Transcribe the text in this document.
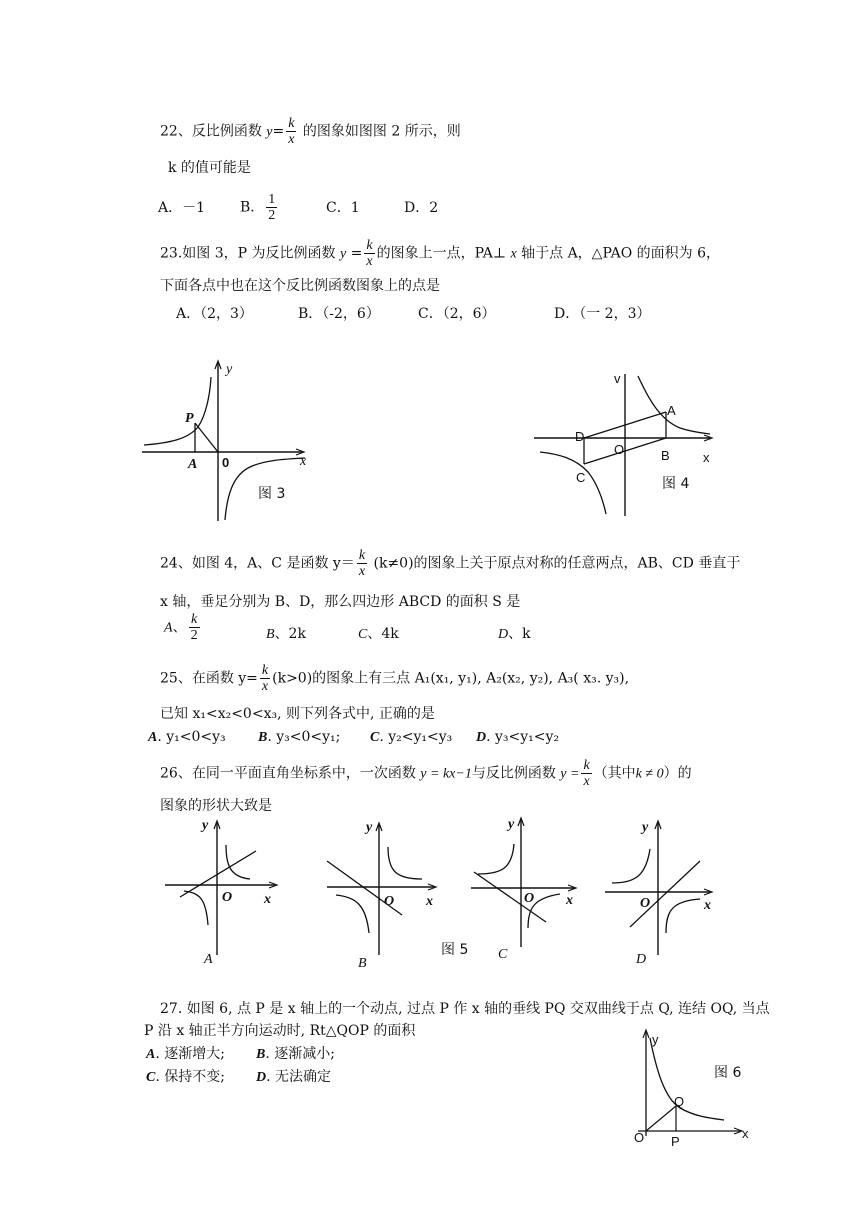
22、反比例函数 $y= \frac{k}{x}$ 的图象如图图 2 所示，则
k 的值可能是
A．－1 B． $\frac{1}{2}$	C．1	D．2
23.如图 3，P 为反比例函数 $y = \frac{k}{x}$ 的图象上一点，PA⊥ x 轴于点 A，△PAO 的面积为 6，
下面各点中也在这个反比例函数图象上的点是
A．（2，3）	B．（-2，6）	C．（2，6）	D．（一 2，3）
y
x
P
A 0
图 3
v
x
A
B
C
D
O
图 4
24、如图 4，A、C 是函数 $y= \frac{k}{x} (k\ne 0)$的图象上关于原点对称的任意两点，AB、CD 垂直于
x 轴，垂足分别为 B、D，那么四边形 ABCD 的面积 S 是
A、 $\frac{k}{2}$	B、2k	C、4k	D、k
25、在函数 $y= \frac{k}{x} (k>0)$的图象上有三点 A₁(x₁, y₁), A₂(x₂, y₂), A₃( x₃. y₃),
已知 x₁<x₂<0<x₃, 则下列各式中, 正确的是
A. y₁<0<y₃ B. y₃<0<y₁; C. y₂<y₁<y₃ D. y₃<y₁<y₂
26、在同一平面直角坐标系中，一次函数 y = kx−1与反比例函数 $y = \frac{k}{x}$ （其中k ≠ 0）的
图象的形状大致是
y
x
O
A
y
x
O
B
图 5
y
x
O
C
y
x
O
D
27. 如图 6, 点 P 是 x 轴上的一个动点, 过点 P 作 x 轴的垂线 PQ 交双曲线于点 Q, 连结 OQ, 当点
P 沿 x 轴正半方向运动时, Rt△QOP 的面积
A. 逐渐增大; B. 逐渐减小;
C. 保持不变; D. 无法确定
y
x
O P
Q
图 6
